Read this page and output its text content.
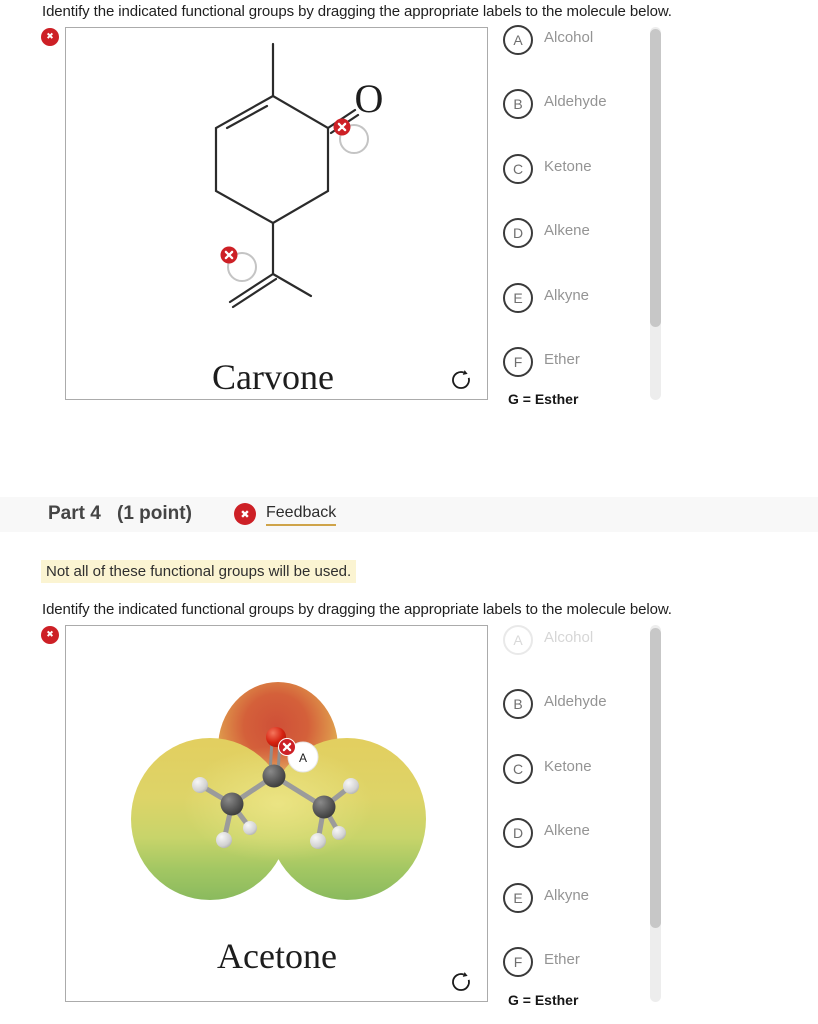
Identify the indicated functional groups by dragging the appropriate labels to the molecule below.
O
Carvone
✖	A	Alcohol
B	Aldehyde
C	Ketone
D	Alkene
E	Alkyne
F	Ether
G = Esther
Part 4 (1 point)	✖ Feedback
Not all of these functional groups will be used.
Identify the indicated functional groups by dragging the appropriate labels to the molecule below.
A
Acetone
✖	A	Alcohol
B	Aldehyde
C	Ketone
D	Alkene
E	Alkyne
F	Ether
G = Esther
